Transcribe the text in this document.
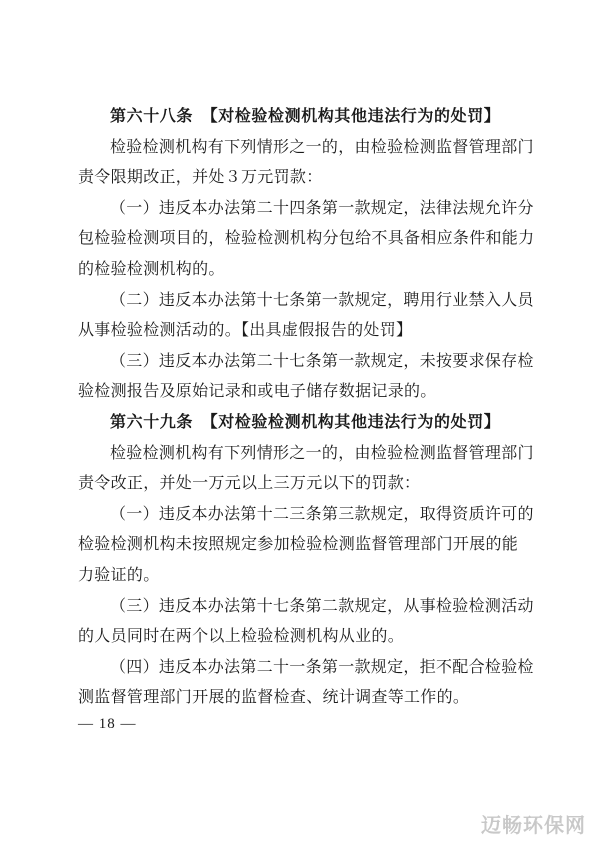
第六十八条　【对检验检测机构其他违法行为的处罚】
检验检测机构有下列情形之一的，由检验检测监督管理部门
责令限期改正，并处３万元罚款：
（一）违反本办法第二十四条第一款规定，法律法规允许分
包检验检测项目的，检验检测机构分包给不具备相应条件和能力
的检验检测机构的。
（二）违反本办法第十七条第一款规定，聘用行业禁入人员
从事检验检测活动的。【出具虚假报告的处罚】
（三）违反本办法第二十七条第一款规定，未按要求保存检
验检测报告及原始记录和或电子储存数据记录的。
第六十九条　【对检验检测机构其他违法行为的处罚】
检验检测机构有下列情形之一的，由检验检测监督管理部门
责令改正，并处一万元以上三万元以下的罚款：
（一）违反本办法第十二三条第三款规定，取得资质许可的
检验检测机构未按照规定参加检验检测监督管理部门开展的能
力验证的。
（三）违反本办法第十七条第二款规定，从事检验检测活动
的人员同时在两个以上检验检测机构从业的。
（四）违反本办法第二十一条第一款规定，拒不配合检验检
测监督管理部门开展的监督检查、统计调查等工作的。
— 18 —
迈畅环保网
